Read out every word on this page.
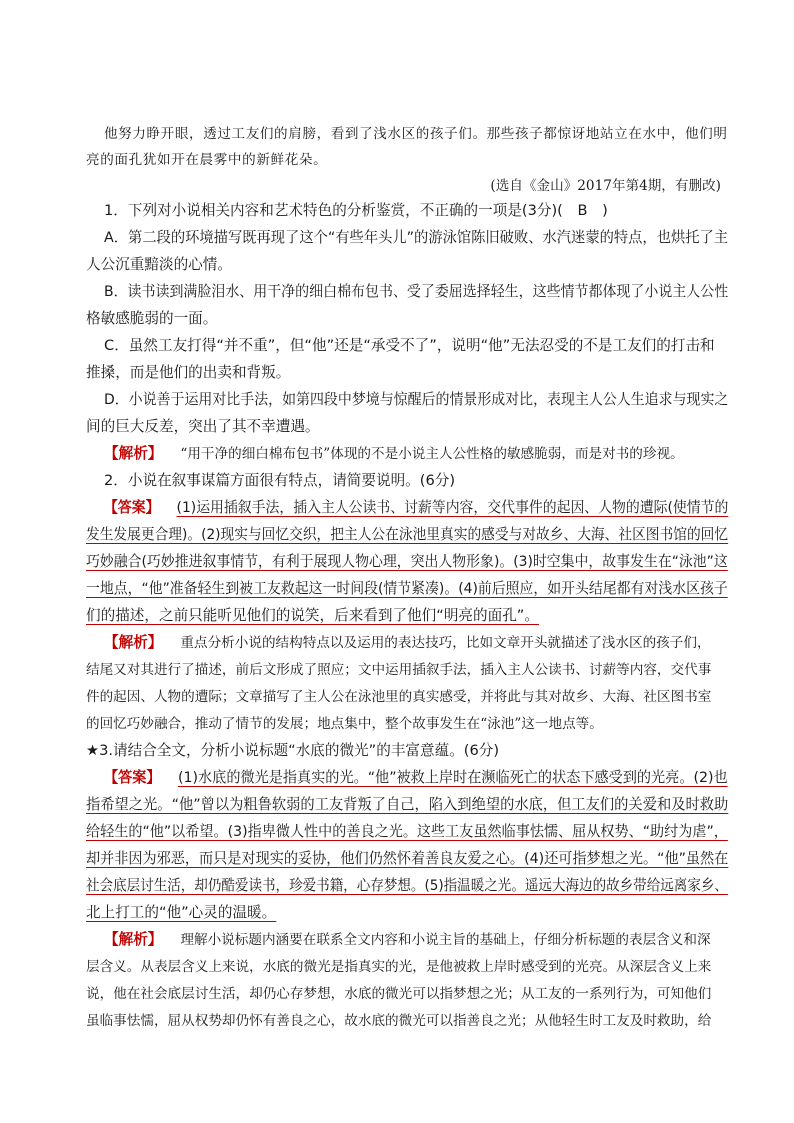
他努力睁开眼，透过工友们的肩膀，看到了浅水区的孩子们。那些孩子都惊讶地站立在水中，他们明
亮的面孔犹如开在晨雾中的新鲜花朵。
(选自《金山》2017年第4期，有删改)
1．下列对小说相关内容和艺术特色的分析鉴赏，不正确的一项是(3分)(　B　)
A．第二段的环境描写既再现了这个“有些年头儿”的游泳馆陈旧破败、水汽迷蒙的特点，也烘托了主
人公沉重黯淡的心情。
B．读书读到满脸泪水、用干净的细白棉布包书、受了委屈选择轻生，这些情节都体现了小说主人公性
格敏感脆弱的一面。
C．虽然工友打得“并不重”，但“他”还是“承受不了”，说明“他”无法忍受的不是工友们的打击和
推搡，而是他们的出卖和背叛。
D．小说善于运用对比手法，如第四段中梦境与惊醒后的情景形成对比，表现主人公人生追求与现实之
间的巨大反差，突出了其不幸遭遇。
【解析】 “用干净的细白棉布包书”体现的不是小说主人公性格的敏感脆弱，而是对书的珍视。
2．小说在叙事谋篇方面很有特点，请简要说明。(6分)
【答案】 (1)运用插叙手法，插入主人公读书、讨薪等内容，交代事件的起因、人物的遭际(使情节的
发生发展更合理)。(2)现实与回忆交织，把主人公在泳池里真实的感受与对故乡、大海、社区图书馆的回忆
巧妙融合(巧妙推进叙事情节，有利于展现人物心理，突出人物形象)。(3)时空集中，故事发生在“泳池”这
一地点，“他”准备轻生到被工友救起这一时间段(情节紧凑)。(4)前后照应，如开头结尾都有对浅水区孩子
们的描述，之前只能听见他们的说笑，后来看到了他们“明亮的面孔”。
【解析】 重点分析小说的结构特点以及运用的表达技巧，比如文章开头就描述了浅水区的孩子们，
结尾又对其进行了描述，前后文形成了照应；文中运用插叙手法，插入主人公读书、讨薪等内容，交代事
件的起因、人物的遭际；文章描写了主人公在泳池里的真实感受，并将此与其对故乡、大海、社区图书室
的回忆巧妙融合，推动了情节的发展；地点集中，整个故事发生在“泳池”这一地点等。
★3.请结合全文，分析小说标题“水底的微光”的丰富意蕴。(6分)
【答案】 (1)水底的微光是指真实的光。“他”被救上岸时在濒临死亡的状态下感受到的光亮。(2)也
指希望之光。“他”曾以为粗鲁软弱的工友背叛了自己，陷入到绝望的水底，但工友们的关爱和及时救助
给轻生的“他”以希望。(3)指卑微人性中的善良之光。这些工友虽然临事怯懦、屈从权势、“助纣为虐”，
却并非因为邪恶，而只是对现实的妥协，他们仍然怀着善良友爱之心。(4)还可指梦想之光。“他”虽然在
社会底层讨生活，却仍酷爱读书，珍爱书籍，心存梦想。(5)指温暖之光。遥远大海边的故乡带给远离家乡、
北上打工的“他”心灵的温暖。
【解析】 理解小说标题内涵要在联系全文内容和小说主旨的基础上，仔细分析标题的表层含义和深
层含义。从表层含义上来说，水底的微光是指真实的光，是他被救上岸时感受到的光亮。从深层含义上来
说，他在社会底层讨生活，却仍心存梦想，水底的微光可以指梦想之光；从工友的一系列行为，可知他们
虽临事怯懦，屈从权势却仍怀有善良之心，故水底的微光可以指善良之光；从他轻生时工友及时救助，给
